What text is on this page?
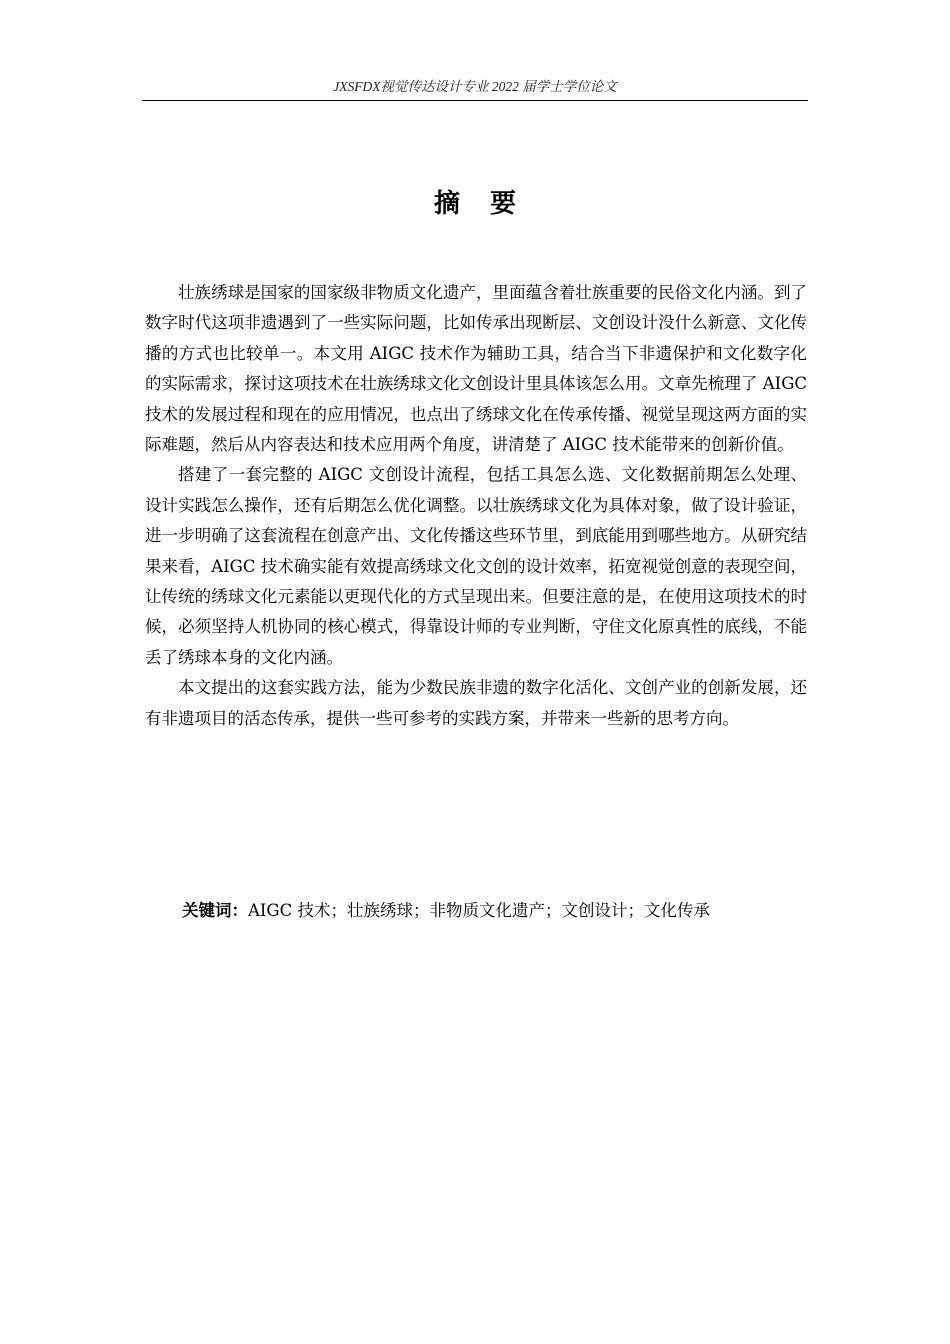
JXSFDX视觉传达设计专业 2022 届学士学位论文
摘要

壮族绣球是国家的国家级非物质文化遗产，里面蕴含着壮族重要的民俗文化内涵。到了数字时代这项非遗遇到了一些实际问题，比如传承出现断层、文创设计没什么新意、文化传播的方式也比较单一。本文用 AIGC 技术作为辅助工具，结合当下非遗保护和文化数字化的实际需求，探讨这项技术在壮族绣球文化文创设计里具体该怎么用。文章先梳理了 AIGC 技术的发展过程和现在的应用情况，也点出了绣球文化在传承传播、视觉呈现这两方面的实际难题，然后从内容表达和技术应用两个角度，讲清楚了 AIGC 技术能带来的创新价值。

搭建了一套完整的 AIGC 文创设计流程，包括工具怎么选、文化数据前期怎么处理、设计实践怎么操作，还有后期怎么优化调整。以壮族绣球文化为具体对象，做了设计验证，进一步明确了这套流程在创意产出、文化传播这些环节里，到底能用到哪些地方。从研究结果来看，AIGC 技术确实能有效提高绣球文化文创的设计效率，拓宽视觉创意的表现空间，让传统的绣球文化元素能以更现代化的方式呈现出来。但要注意的是，在使用这项技术的时候，必须坚持人机协同的核心模式，得靠设计师的专业判断，守住文化原真性的底线，不能丢了绣球本身的文化内涵。

本文提出的这套实践方法，能为少数民族非遗的数字化活化、文创产业的创新发展，还有非遗项目的活态传承，提供一些可参考的实践方案，并带来一些新的思考方向。

关键词：AIGC 技术；壮族绣球；非物质文化遗产；文创设计；文化传承
